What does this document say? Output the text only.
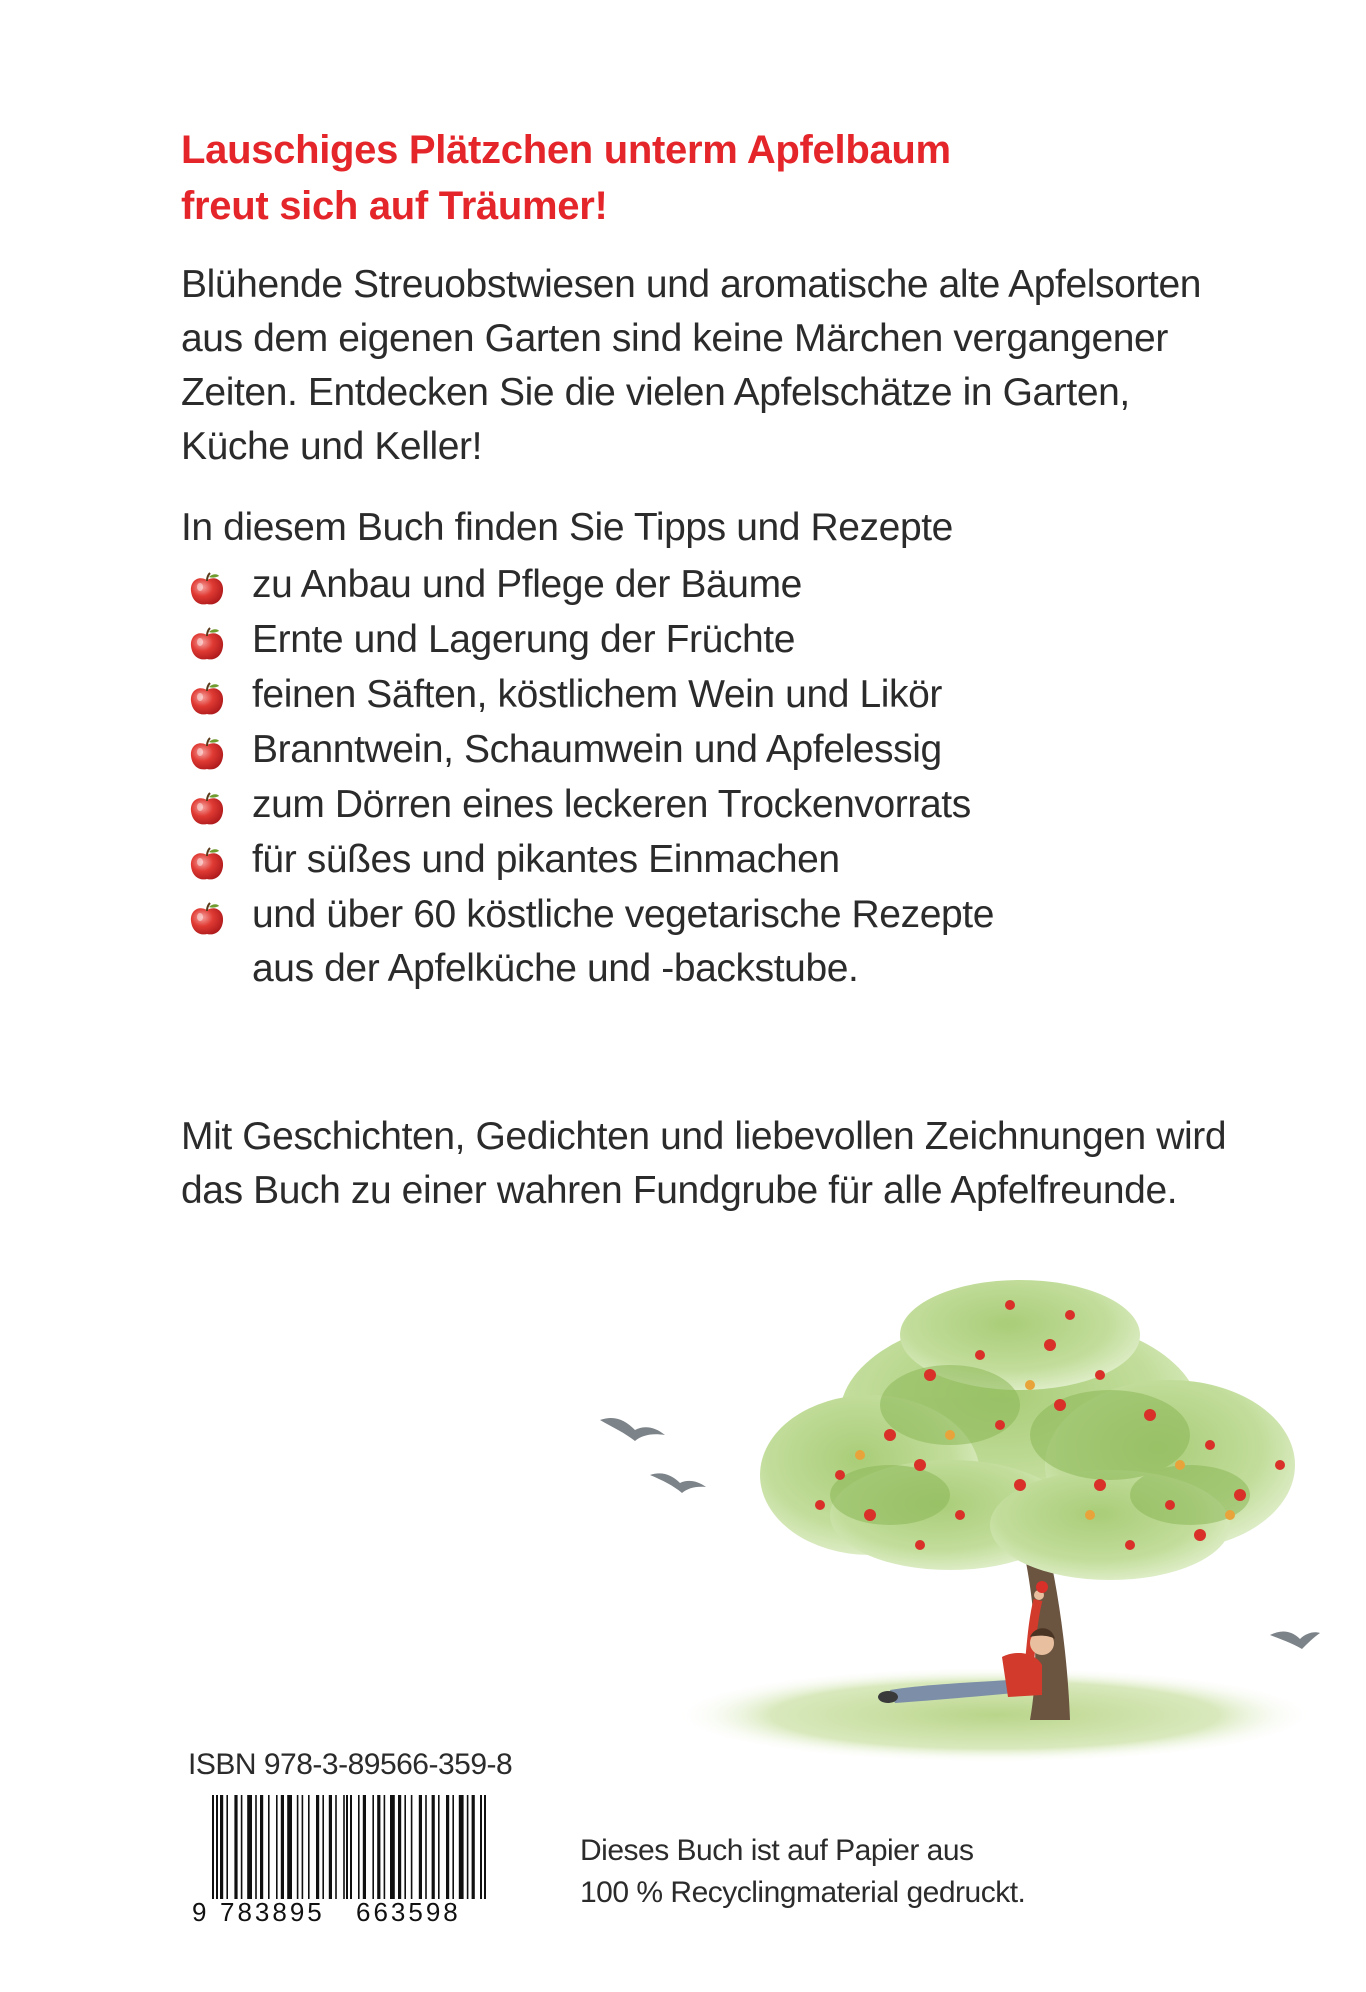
Lauschiges Plätzchen unterm Apfelbaum
freut sich auf Träumer!
Blühende Streuobstwiesen und aromatische alte Apfelsorten
aus dem eigenen Garten sind keine Märchen vergangener
Zeiten. Entdecken Sie die vielen Apfelschätze in Garten,
Küche und Keller!
In diesem Buch finden Sie Tipps und Rezepte
zu Anbau und Pflege der Bäume
Ernte und Lagerung der Früchte
feinen Säften, köstlichem Wein und Likör
Branntwein, Schaumwein und Apfelessig
zum Dörren eines leckeren Trockenvorrats
für süßes und pikantes Einmachen
und über 60 köstliche vegetarische Rezepte
aus der Apfelküche und -backstube.
Mit Geschichten, Gedichten und liebevollen Zeichnungen wird
das Buch zu einer wahren Fundgrube für alle Apfelfreunde.
ISBN 978-3-89566-359-8
9 783895 663598
Dieses Buch ist auf Papier aus
100 % Recyclingmaterial gedruckt.
